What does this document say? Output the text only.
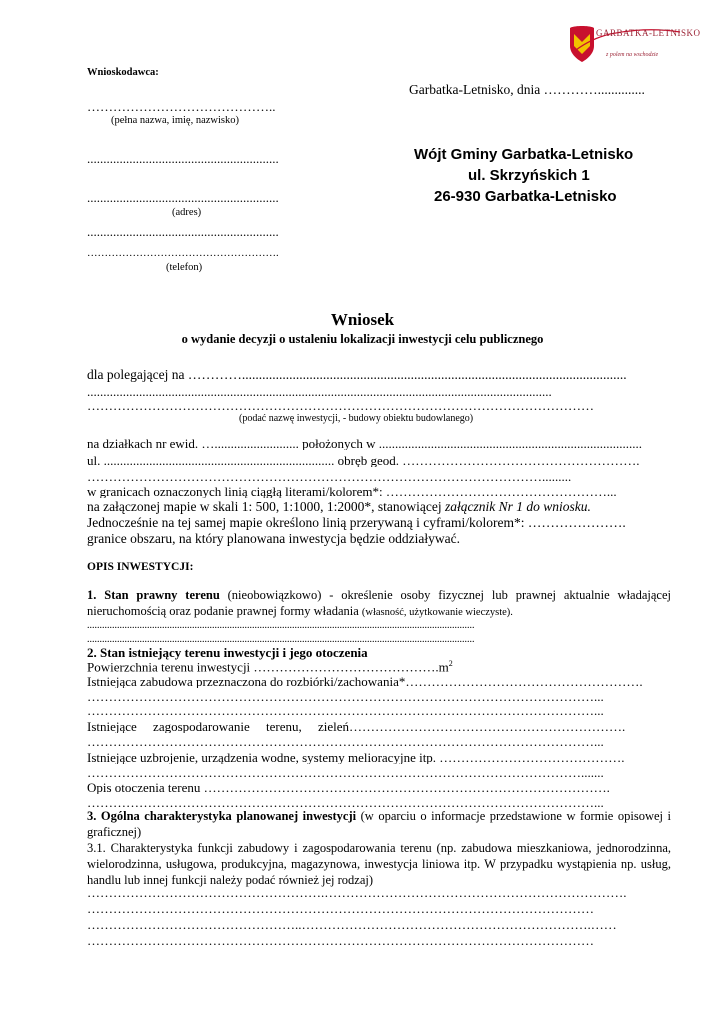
GARBATKA-LETNISKO
z polem na wschodzie
Wnioskodawca:
Garbatka-Letnisko, dnia …………..............
……………………………………..
(pełna nazwa, imię, nazwisko)
...........................................................
...........................................................
(adres)
...........................................................
……………………………………………….
(telefon)
Wójt Gminy Garbatka-Letnisko
ul. Skrzyńskich 1
26-930 Garbatka-Letnisko
Wniosek
o wydanie decyzji o ustaleniu lokalizacji inwestycji celu publicznego
dla polegającej na …………..................................................................................................................
...............................................................................................................................................
………………………………………………………………………………………………………
(podać nazwę inwestycji, - budowy obiektu budowlanego)
na działkach nr ewid. ….......................... położonych w .................................................................................
ul. ....................................................................... obręb geod. ……………………………………………….
…………………………………………………………………………………………….........
w granicach oznaczonych linią ciągłą literami/kolorem*: ……………………………………………...
na załączonej mapie w skali 1: 500, 1:1000, 1:2000*, stanowiącej załącznik Nr 1 do wniosku.
Jednocześnie na tej samej mapie określono linią przerywaną i cyframi/kolorem*: ………………….
granice obszaru, na który planowana inwestycja będzie oddziaływać.
OPIS INWESTYCJI:
1. Stan prawny terenu (nieobowiązkowo) - określenie osoby fizycznej lub prawnej aktualnie władającej nieruchomością oraz podanie prawnej formy władania (własność, użytkowanie wieczyste).
...........................................................................................................................................................
...........................................................................................................................................................
2. Stan istniejący terenu inwestycji i jego otoczenia
Powierzchnia terenu inwestycji $\dots\dots\dots\dots\dots\dots\dots\dots\dots\dots\dots\dots\dots\dots.m^2$
Istniejąca zabudowa przeznaczona do rozbiórki/zachowania*……………………………………………….
………………………………………………………………………………………………………...
………………………………………………………………………………………………………...
Istniejące     zagospodarowanie     terenu,     zieleń……………………………………………………….
………………………………………………………………………………………………………...
Istniejące uzbrojenie, urządzenia wodne, systemy melioracyjne itp. …………………………………….
…………………………………………………………………………………………………….......
Opis otoczenia terenu ………………………………………………………………………………….
………………………………………………………………………………………………………...
3. Ogólna charakterystyka planowanej inwestycji (w oparciu o informacje przedstawione w formie opisowej i graficznej)
3.1. Charakterystyka funkcji zabudowy i zagospodarowania terenu (np. zabudowa mieszkaniowa, jednorodzinna, wielorodzinna, usługowa, produkcyjna, magazynowa, inwestycja liniowa itp. W przypadku wystąpienia np. usług, handlu lub innej funkcji należy podać również jej rodzaj)
……………………………………………….…………………………………………………………….
………………………………………………………………………………………………………
…………………………………………..………………………………………………………….……
………………………………………………………………………………………………………
